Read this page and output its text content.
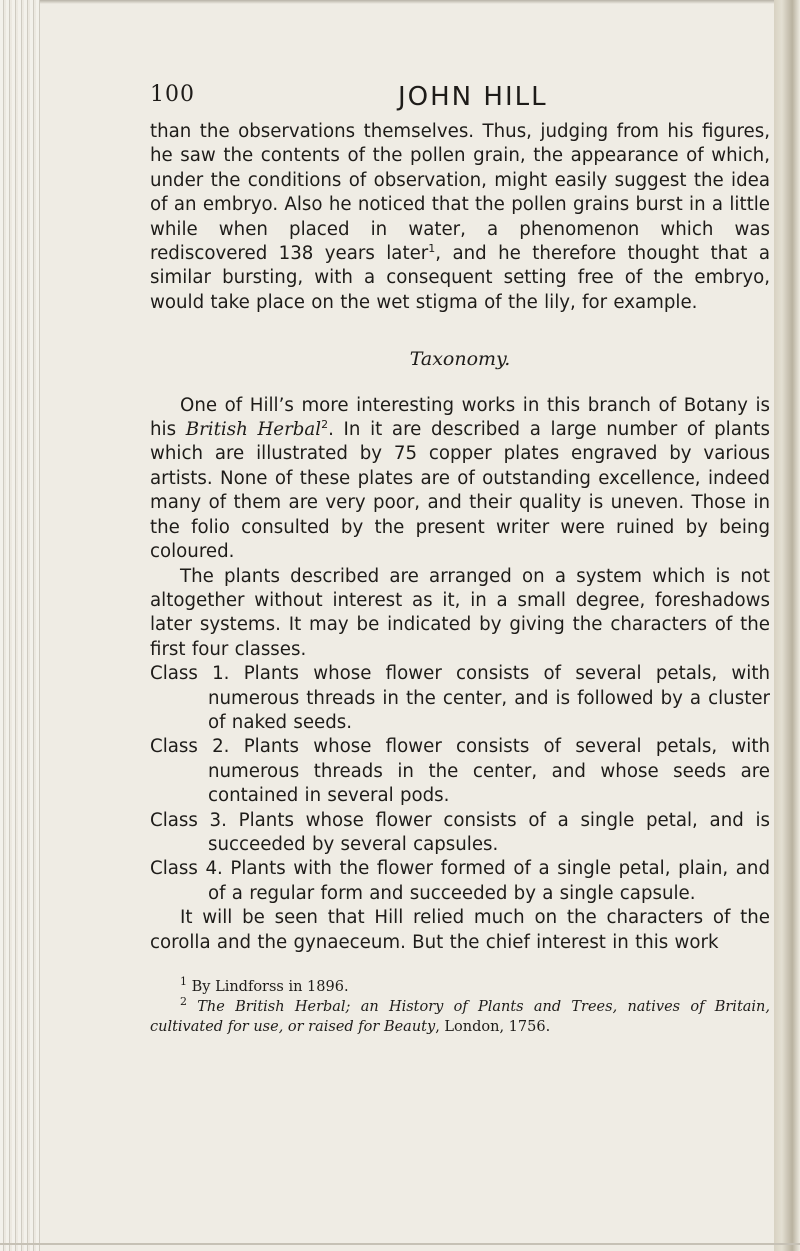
100	JOHN HILL

than the observations themselves. Thus, judging from his figures, he saw the contents of the pollen grain, the appearance of which, under the conditions of observation, might easily suggest the idea of an embryo. Also he noticed that the pollen grains burst in a little while when placed in water, a phenomenon which was rediscovered 138 years later$^1$, and he therefore thought that a similar bursting, with a consequent setting free of the embryo, would take place on the wet stigma of the lily, for example.

Taxonomy.

One of Hill’s more interesting works in this branch of Botany is his British Herbal$^2$. In it are described a large number of plants which are illustrated by 75 copper plates engraved by various artists. None of these plates are of outstanding excellence, indeed many of them are very poor, and their quality is uneven. Those in the folio consulted by the present writer were ruined by being coloured.

The plants described are arranged on a system which is not altogether without interest as it, in a small degree, foreshadows later systems. It may be indicated by giving the characters of the first four classes.

Class 1. Plants whose flower consists of several petals, with numerous threads in the center, and is followed by a cluster of naked seeds.

Class 2. Plants whose flower consists of several petals, with numerous threads in the center, and whose seeds are contained in several pods.

Class 3. Plants whose flower consists of a single petal, and is succeeded by several capsules.

Class 4. Plants with the flower formed of a single petal, plain, and of a regular form and succeeded by a single capsule.

It will be seen that Hill relied much on the characters of the corolla and the gynaeceum. But the chief interest in this work

$^1$ By Lindforss in 1896.

$^2$ The British Herbal; an History of Plants and Trees, natives of Britain, cultivated for use, or raised for Beauty, London, 1756.
